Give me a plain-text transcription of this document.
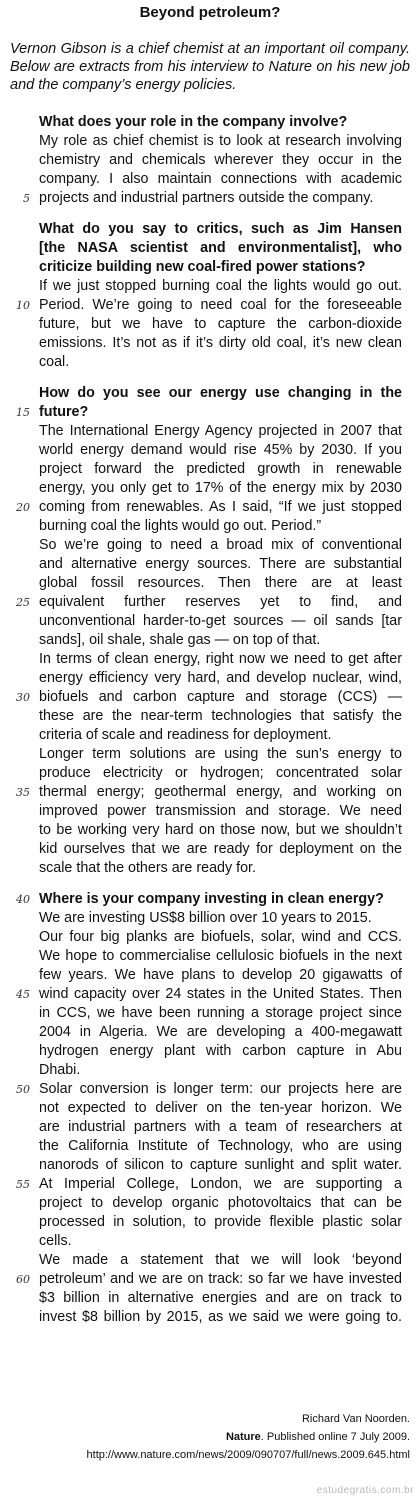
Beyond petroleum?
Vernon Gibson is a chief chemist at an important oil company. Below are extracts from his interview to Nature on his new job and the company’s energy policies.
What does your role in the company involve?
My role as chief chemist is to look at research involving
chemistry and chemicals wherever they occur in the
company. I also maintain connections with academic
5 projects and industrial partners outside the company.
What do you say to critics, such as Jim Hansen
[the NASA scientist and environmentalist], who
criticize building new coal-fired power stations?
If we just stopped burning coal the lights would go out.
10 Period. We’re going to need coal for the foreseeable
future, but we have to capture the carbon-dioxide
emissions. It’s not as if it’s dirty old coal, it’s new clean
coal.
How do you see our energy use changing in the
15 future?
The International Energy Agency projected in 2007 that
world energy demand would rise 45% by 2030. If you
project forward the predicted growth in renewable
energy, you only get to 17% of the energy mix by 2030
20 coming from renewables. As I said, “If we just stopped
burning coal the lights would go out. Period.”
So we’re going to need a broad mix of conventional
and alternative energy sources. There are substantial
global fossil resources. Then there are at least
25 equivalent further reserves yet to find, and
unconventional harder-to-get sources — oil sands [tar
sands], oil shale, shale gas — on top of that.
In terms of clean energy, right now we need to get after
energy efficiency very hard, and develop nuclear, wind,
30 biofuels and carbon capture and storage (CCS) —
these are the near-term technologies that satisfy the
criteria of scale and readiness for deployment.
Longer term solutions are using the sun’s energy to
produce electricity or hydrogen; concentrated solar
35 thermal energy; geothermal energy, and working on
improved power transmission and storage. We need
to be working very hard on those now, but we shouldn’t
kid ourselves that we are ready for deployment on the
scale that the others are ready for.
40 Where is your company investing in clean energy?
We are investing US$8 billion over 10 years to 2015.
Our four big planks are biofuels, solar, wind and CCS.
We hope to commercialise cellulosic biofuels in the next
few years. We have plans to develop 20 gigawatts of
45 wind capacity over 24 states in the United States. Then
in CCS, we have been running a storage project since
2004 in Algeria. We are developing a 400-megawatt
hydrogen energy plant with carbon capture in Abu
Dhabi.
50 Solar conversion is longer term: our projects here are
not expected to deliver on the ten-year horizon. We
are industrial partners with a team of researchers at
the California Institute of Technology, who are using
nanorods of silicon to capture sunlight and split water.
55 At Imperial College, London, we are supporting a
project to develop organic photovoltaics that can be
processed in solution, to provide flexible plastic solar
cells.
We made a statement that we will look ‘beyond
60 petroleum’ and we are on track: so far we have invested
$3 billion in alternative energies and are on track to
invest $8 billion by 2015, as we said we were going to.
Richard Van Noorden.
Nature. Published online 7 July 2009.
http://www.nature.com/news/2009/090707/full/news.2009.645.html
estudegratis.com.br
